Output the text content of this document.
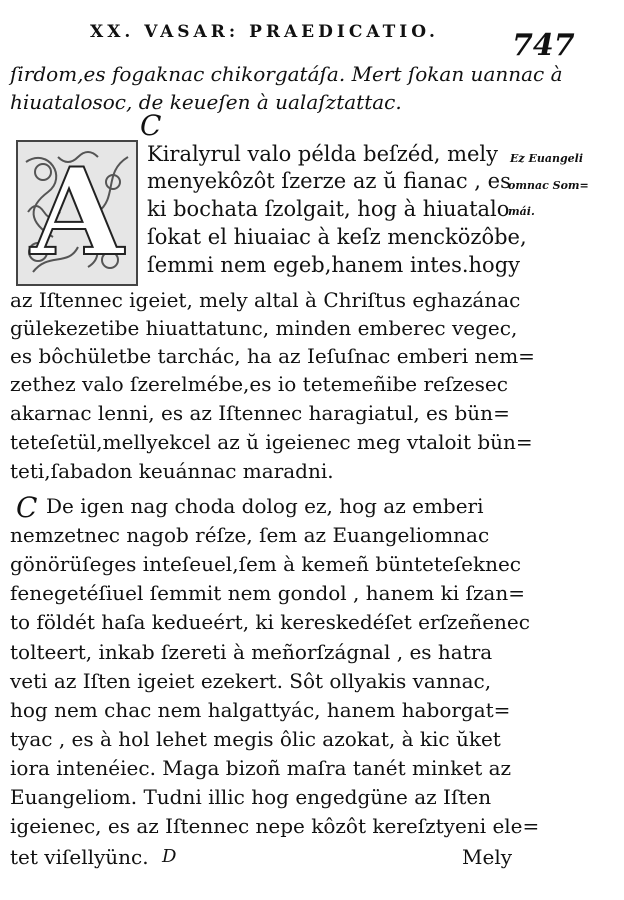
XX. VASAR: PRAEDICATIO. 747
ſirdom,es fogaknac chikorgatáſa. Mert ſokan uannac à
hiuatalosoc, de keueſen à ualaſztattac.
C
A	Ez Euangeli
omnac Som=
mái.
Kiralyrul valo példa beſzéd, mely
menyekôzôt ſzerze az ŭ fianac , es
ki bochata ſzolgait, hog à hiuatalo
ſokat el hiuaiac à keſz mencközôbe,
ſemmi nem egeb,hanem intes.hogy
az Iſtennec igeiet, mely altal à Chriſtus eghazánac
gülekezetibe hiuattatunc, minden emberec vegec,
es bôchületbe tarchác, ha az Ieſuſnac emberi nem=
zethez valo ſzerelmébe,es io tetemeñibe reſzesec
akarnac lenni, es az Iſtennec haragiatul, es bün=
teteſetül,mellyekcel az ŭ igeienec meg vtaloit bün=
teti,ſabadon keuánnac maradni.
C De igen nag choda dolog ez, hog az emberi
nemzetnec nagob réſze, ſem az Euangeliomnac
gönörüſeges inteſeuel,ſem à kemeñ bünteteſeknec
fenegetéſiuel ſemmit nem gondol , hanem ki ſzan=
to földét haſa kedueért, ki kereskedéſet erſzeñenec
tolteert, inkab ſzereti à meñorſzágnal , es hatra
veti az Iſten igeiet ezekert. Sôt ollyakis vannac,
hog nem chac nem halgattyác, hanem haborgat=
tyac , es à hol lehet megis ôlic azokat, à kic ŭket
iora intenéiec. Maga bizoñ maſra tanét minket az
Euangeliom. Tudni illic hog engedgüne az Iſten
igeienec, es az Iſtennec nepe kôzôt kereſztyeni ele=
tet viſellyünc. D	Mely
